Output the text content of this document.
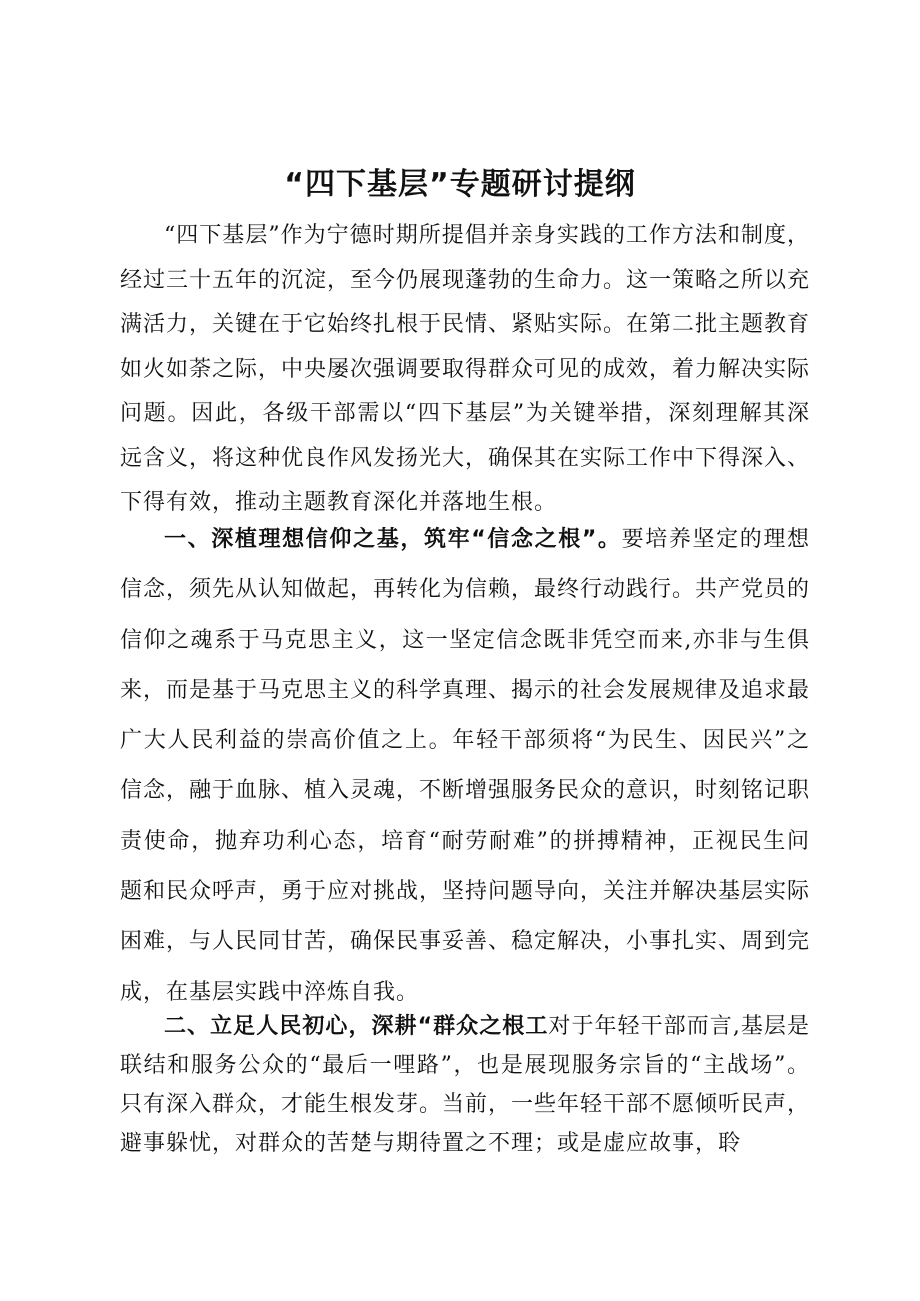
“四下基层”专题研讨提纲

“四下基层”作为宁德时期所提倡并亲身实践的工作方法和制度，经过三十五年的沉淀，至今仍展现蓬勃的生命力。这一策略之所以充满活力，关键在于它始终扎根于民情、紧贴实际。在第二批主题教育如火如荼之际，中央屡次强调要取得群众可见的成效，着力解决实际问题。因此，各级干部需以“四下基层”为关键举措，深刻理解其深远含义，将这种优良作风发扬光大，确保其在实际工作中下得深入、下得有效，推动主题教育深化并落地生根。

一、深植理想信仰之基，筑牢“信念之根”。要培养坚定的理想信念，须先从认知做起，再转化为信赖，最终行动践行。共产党员的信仰之魂系于马克思主义，这一坚定信念既非凭空而来,亦非与生俱来，而是基于马克思主义的科学真理、揭示的社会发展规律及追求最广大人民利益的崇高价值之上。年轻干部须将“为民生、因民兴”之信念，融于血脉、植入灵魂，不断增强服务民众的意识，时刻铭记职责使命，抛弃功利心态，培育“耐劳耐难”的拼搏精神，正视民生问题和民众呼声，勇于应对挑战，坚持问题导向，关注并解决基层实际困难，与人民同甘苦，确保民事妥善、稳定解决，小事扎实、周到完成，在基层实践中淬炼自我。

二、立足人民初心，深耕“群众之根工对于年轻干部而言,基层是联结和服务公众的“最后一哩路”，也是展现服务宗旨的“主战场”。只有深入群众，才能生根发芽。当前，一些年轻干部不愿倾听民声，避事躲忧，对群众的苦楚与期待置之不理；或是虚应故事，聆
